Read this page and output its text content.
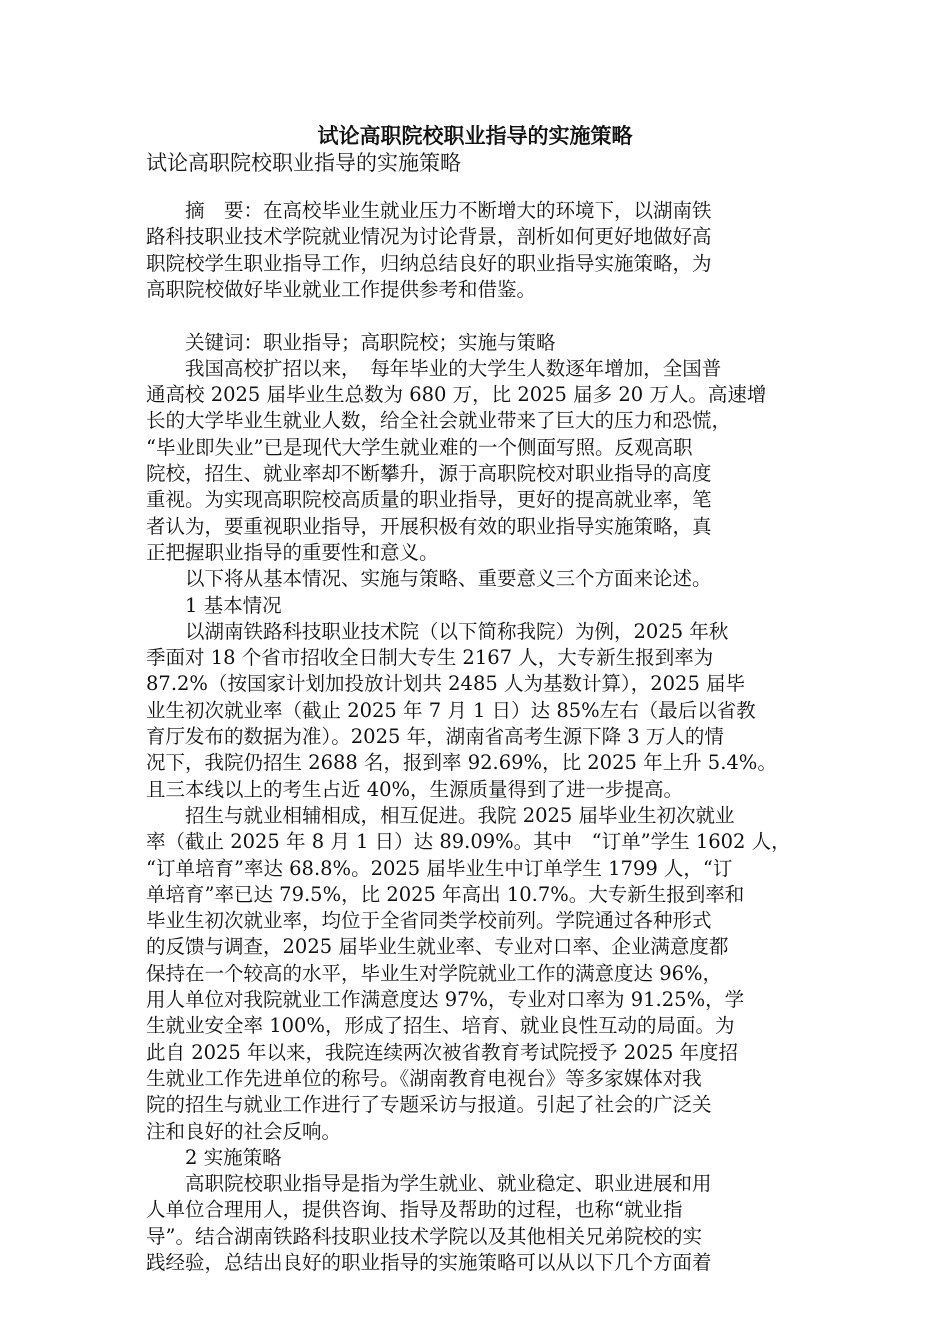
试论高职院校职业指导的实施策略

试论高职院校职业指导的实施策略

　　摘　要：在高校毕业生就业压力不断增大的环境下，以湖南铁

路科技职业技术学院就业情况为讨论背景，剖析如何更好地做好高

职院校学生职业指导工作，归纳总结良好的职业指导实施策略，为

高职院校做好毕业就业工作提供参考和借鉴。

　　关键词：职业指导；高职院校；实施与策略

　　我国高校扩招以来，　每年毕业的大学生人数逐年增加，全国普

通高校 2025 届毕业生总数为 680 万，比 2025 届多 20 万人。高速增

长的大学毕业生就业人数，给全社会就业带来了巨大的压力和恐慌，

“毕业即失业”已是现代大学生就业难的一个侧面写照。反观高职

院校，招生、就业率却不断攀升，源于高职院校对职业指导的高度

重视。为实现高职院校高质量的职业指导，更好的提高就业率，笔

者认为，要重视职业指导，开展积极有效的职业指导实施策略，真

正把握职业指导的重要性和意义。

　　以下将从基本情况、实施与策略、重要意义三个方面来论述。

　　1 基本情况

　　以湖南铁路科技职业技术院（以下简称我院）为例，2025 年秋

季面对 18 个省市招收全日制大专生 2167 人，大专新生报到率为

87.2%（按国家计划加投放计划共 2485 人为基数计算），2025 届毕

业生初次就业率（截止 2025 年 7 月 1 日）达 85%左右（最后以省教

育厅发布的数据为准）。2025 年，湖南省高考生源下降 3 万人的情

况下，我院仍招生 2688 名，报到率 92.69%，比 2025 年上升 5.4%。

且三本线以上的考生占近 40%，生源质量得到了进一步提高。

　　招生与就业相辅相成，相互促进。我院 2025 届毕业生初次就业

率（截止 2025 年 8 月 1 日）达 89.09%。其中　“订单”学生 1602 人，

“订单培育”率达 68.8%。2025 届毕业生中订单学生 1799 人，“订

单培育”率已达 79.5%，比 2025 年高出 10.7%。大专新生报到率和

毕业生初次就业率，均位于全省同类学校前列。学院通过各种形式

的反馈与调查，2025 届毕业生就业率、专业对口率、企业满意度都

保持在一个较高的水平，毕业生对学院就业工作的满意度达 96%，

用人单位对我院就业工作满意度达 97%，专业对口率为 91.25%，学

生就业安全率 100%，形成了招生、培育、就业良性互动的局面。为

此自 2025 年以来，我院连续两次被省教育考试院授予 2025 年度招

生就业工作先进单位的称号。《湖南教育电视台》等多家媒体对我

院的招生与就业工作进行了专题采访与报道。引起了社会的广泛关

注和良好的社会反响。

　　2 实施策略

　　高职院校职业指导是指为学生就业、就业稳定、职业进展和用

人单位合理用人，提供咨询、指导及帮助的过程，也称“就业指

导”。结合湖南铁路科技职业技术学院以及其他相关兄弟院校的实

践经验，总结出良好的职业指导的实施策略可以从以下几个方面着
